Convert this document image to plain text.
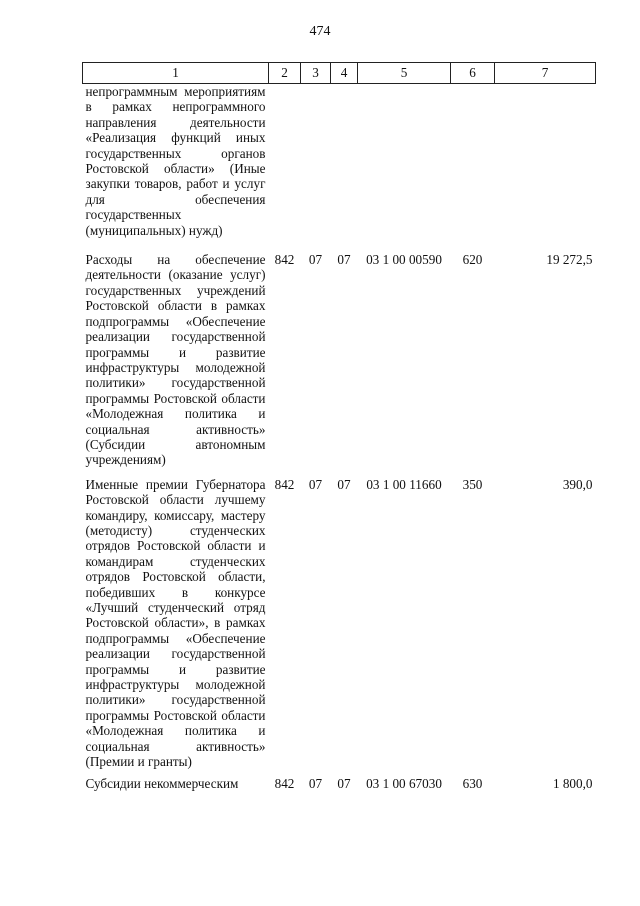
474
1	2	3	4	5	6	7
непрограммным мероприятиям в рамках непрограммного направления деятельности «Реализация функций иных государственных органов Ростовской области» (Иные закупки товаров, работ и услуг для обеспечения государственных (муниципальных) нужд)						
Расходы на обеспечение деятельности (оказание услуг) государственных учреждений Ростовской области в рамках подпрограммы «Обеспечение реализации государственной программы и развитие инфраструктуры молодежной политики» государственной программы Ростовской области «Молодежная политика и социальная активность» (Субсидии автономным учреждениям)	842	07	07	03 1 00 00590	620	19 272,5
Именные премии Губернатора Ростовской области лучшему командиру, комиссару, мастеру (методисту) студенческих отрядов Ростовской области и командирам студенческих отрядов Ростовской области, победивших в конкурсе «Лучший студенческий отряд Ростовской области», в рамках подпрограммы «Обеспечение реализации государственной программы и развитие инфраструктуры молодежной политики» государственной программы Ростовской области «Молодежная политика и социальная активность» (Премии и гранты)	842	07	07	03 1 00 11660	350	390,0
Субсидии некоммерческим	842	07	07	03 1 00 67030	630	1 800,0
